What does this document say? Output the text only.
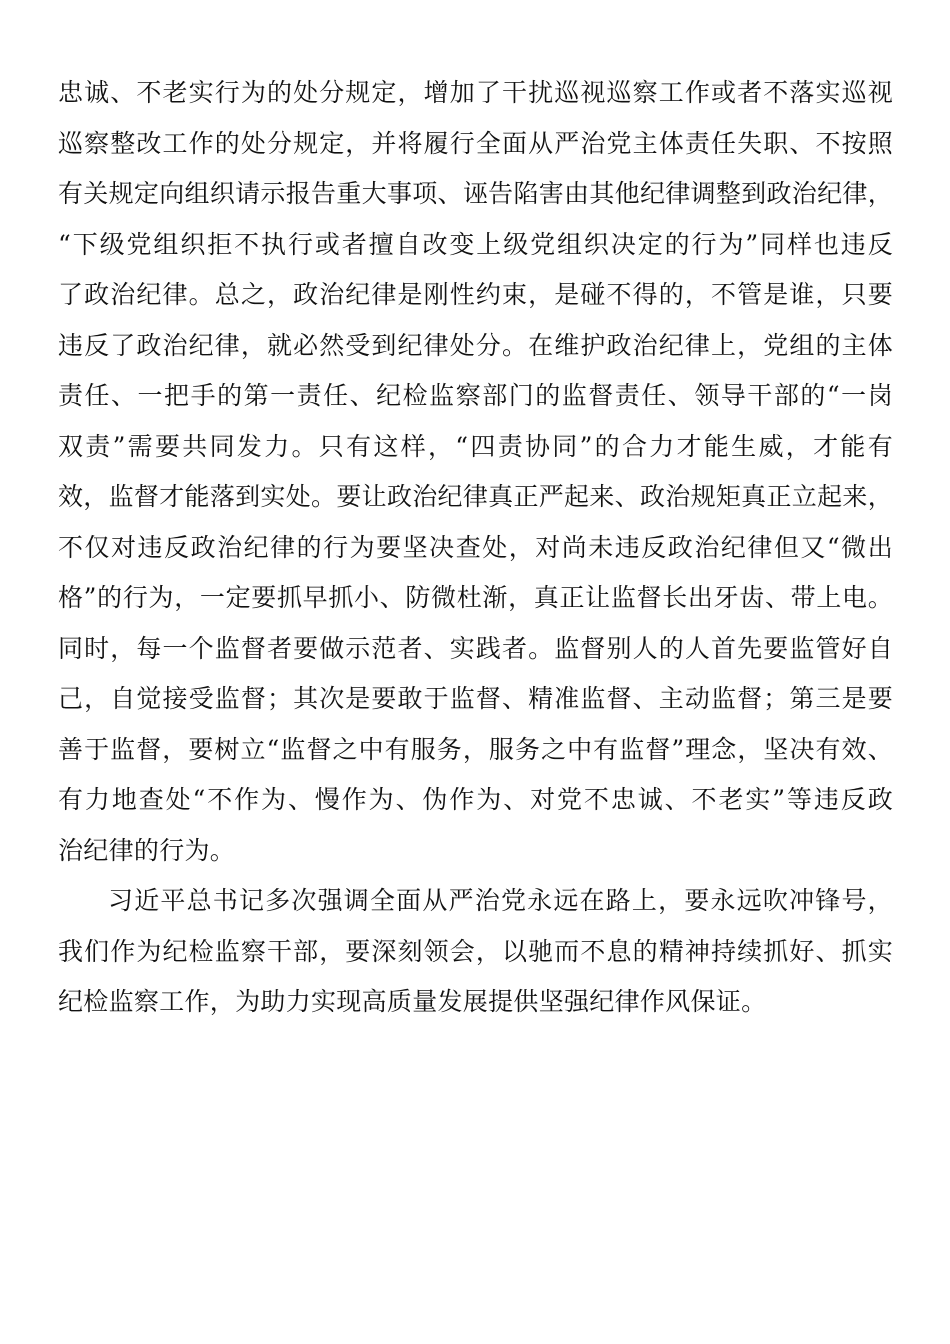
忠诚、不老实行为的处分规定，增加了干扰巡视巡察工作或者不落实巡视
巡察整改工作的处分规定，并将履行全面从严治党主体责任失职、不按照
有关规定向组织请示报告重大事项、诬告陷害由其他纪律调整到政治纪律，
“下级党组织拒不执行或者擅自改变上级党组织决定的行为”同样也违反
了政治纪律。总之，政治纪律是刚性约束，是碰不得的，不管是谁，只要
违反了政治纪律，就必然受到纪律处分。在维护政治纪律上，党组的主体
责任、一把手的第一责任、纪检监察部门的监督责任、领导干部的“一岗
双责”需要共同发力。只有这样，“四责协同”的合力才能生威，才能有
效，监督才能落到实处。要让政治纪律真正严起来、政治规矩真正立起来，
不仅对违反政治纪律的行为要坚决查处，对尚未违反政治纪律但又“微出
格”的行为，一定要抓早抓小、防微杜渐，真正让监督长出牙齿、带上电。
同时，每一个监督者要做示范者、实践者。监督别人的人首先要监管好自
己，自觉接受监督；其次是要敢于监督、精准监督、主动监督；第三是要
善于监督，要树立“监督之中有服务，服务之中有监督”理念，坚决有效、
有力地查处“不作为、慢作为、伪作为、对党不忠诚、不老实”等违反政
治纪律的行为。
习近平总书记多次强调全面从严治党永远在路上，要永远吹冲锋号，
我们作为纪检监察干部，要深刻领会，以驰而不息的精神持续抓好、抓实
纪检监察工作，为助力实现高质量发展提供坚强纪律作风保证。
